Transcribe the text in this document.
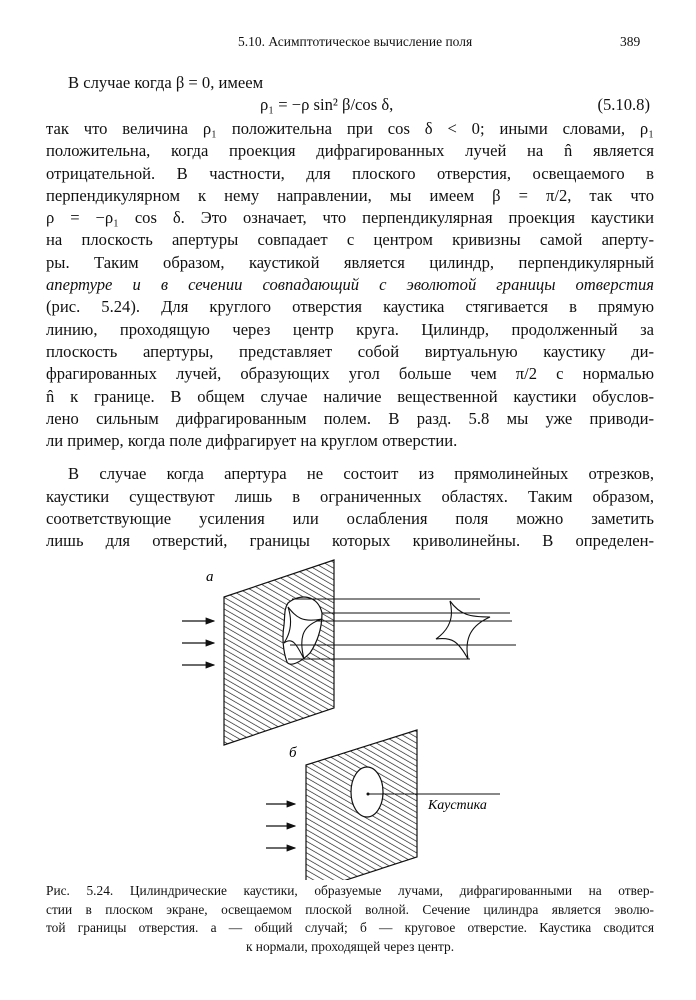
5.10. Асимптотическое вычисление поля	389
В случае когда β = 0, имеем
ρ₁ = −ρ sin² β/cos δ,	(5.10.8)
так что величина ρ₁ положительна при cos δ < 0; иными словами, ρ₁
положительна, когда проекция дифрагированных лучей на n̂ является
отрицательной. В частности, для плоского отверстия, освещаемого в
перпендикулярном к нему направлении, мы имеем β = π/2, так что
ρ = −ρ₁ cos δ. Это означает, что перпендикулярная проекция каустики
на плоскость апертуры совпадает с центром кривизны самой аперту-
ры. Таким образом, каустикой является цилиндр, перпендикулярный
апертуре и в сечении совпадающий с эволютой границы отверстия
(рис. 5.24). Для круглого отверстия каустика стягивается в прямую
линию, проходящую через центр круга. Цилиндр, продолженный за
плоскость апертуры, представляет собой виртуальную каустику ди-
фрагированных лучей, образующих угол больше чем π/2 с нормалью
n̂ к границе. В общем случае наличие вещественной каустики обуслов-
лено сильным дифрагированным полем. В разд. 5.8 мы уже приводи-
ли пример, когда поле дифрагирует на круглом отверстии.
В случае когда апертура не состоит из прямолинейных отрезков,
каустики существуют лишь в ограниченных областях. Таким образом,
соответствующие усиления или ослабления поля можно заметить
лишь для отверстий, границы которых криволинейны. В определен-
а
б
Каустика
Рис. 5.24. Цилиндрические каустики, образуемые лучами, дифрагированными на отвер-
стии в плоском экране, освещаемом плоской волной. Сечение цилиндра является эволю-
той границы отверстия. а — общий случай; б — круговое отверстие. Каустика сводится
к нормали, проходящей через центр.
